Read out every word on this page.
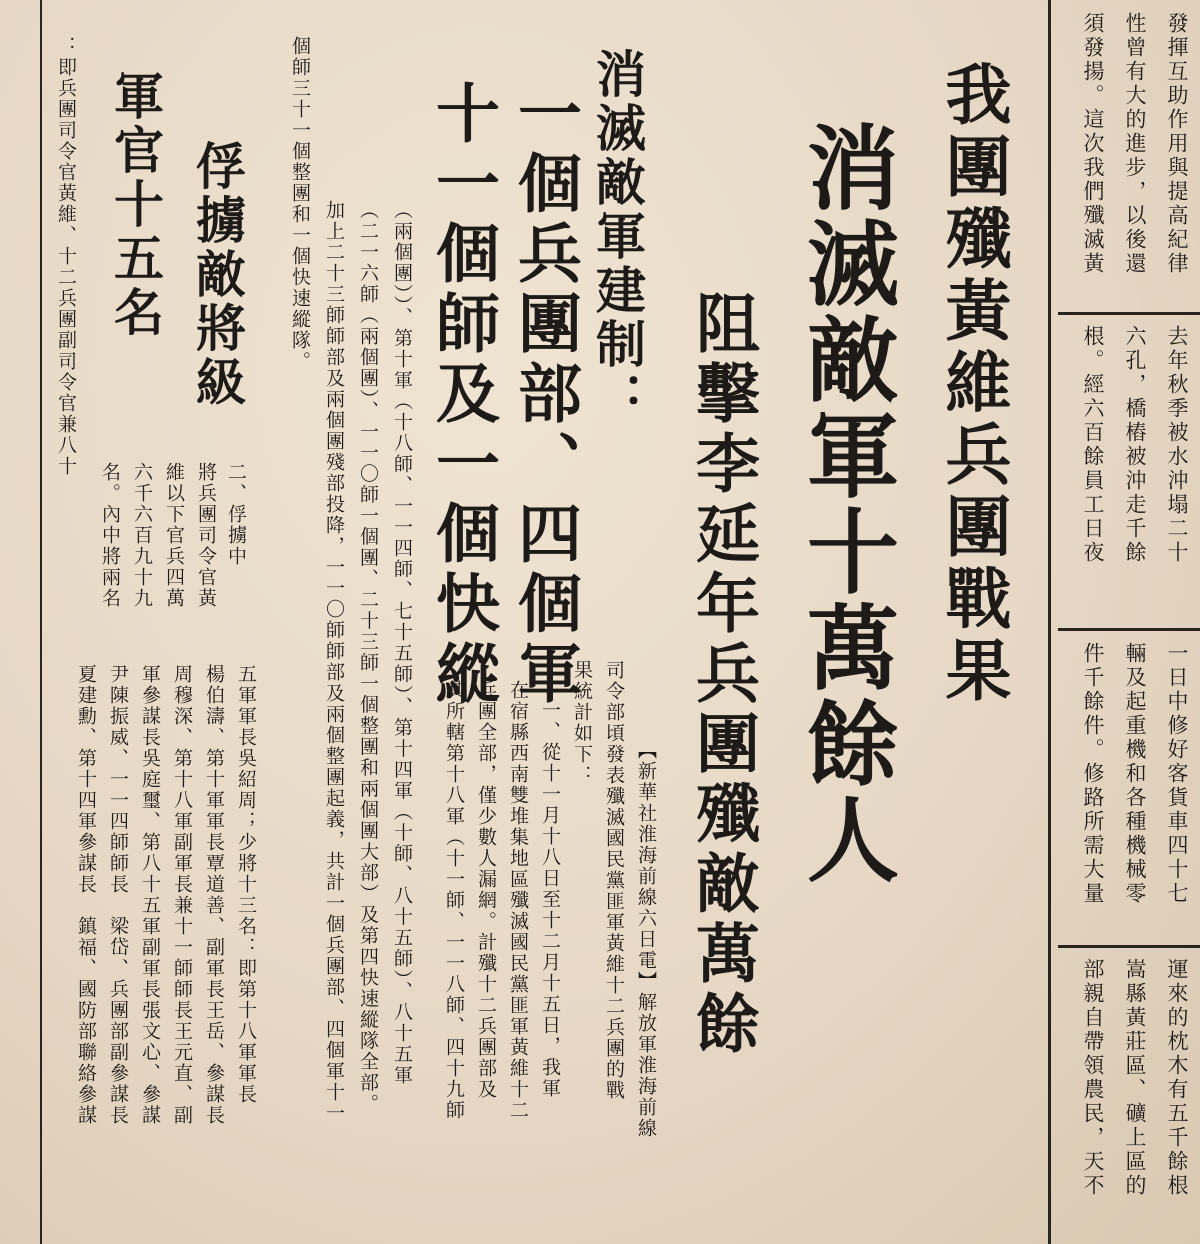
發揮互助作用與提高紀律
性曾有大的進步，以後還
須發揚。這次我們殲滅黃
去年秋季被水沖塌二十
六孔，橋樁被沖走千餘
根。經六百餘員工日夜
一日中修好客貨車四十七
輛及起重機和各種機械零
件千餘件。修路所需大量
運來的枕木有五千餘根
嵩縣黃莊區、礦上區的
部親自帶領農民，天不
我團殲黃維兵團戰果
消滅敵軍十萬餘人
阻擊李延年兵團殲敵萬餘
【新華社淮海前線六日電】解放軍淮海前線
司令部頃發表殲滅國民黨匪軍黃維十二兵團的戰
果統計如下：
一、從十一月十八日至十二月十五日，我軍
在宿縣西南雙堆集地區殲滅國民黨匪軍黃維十二
兵團全部，僅少數人漏網。計殲十二兵團部及
其所轄第十八軍（十一師、一一八師、四十九師
消滅敵軍建制：
一個兵團部、四個軍
十一個師及一個快縱
（兩個團））、第十軍（十八師、一一四師、七十五師）、第十四軍（十師、八十五師）、八十五軍
（二一六師（兩個團）、一一〇師一個團、二十三師一個整團和兩個團大部）及第四快速縱隊全部。
加上二十三師師部及兩個團殘部投降，一一〇師師部及兩個整團起義，共計一個兵團部、四個軍十一
個師三十一個整團和一個快速縱隊。
俘擄敵將級
軍官十五名
二、俘擄中
將兵團司令官黃
維以下官兵四萬
六千六百九十九
名。內中將兩名
五軍軍長吳紹周；少將十三名：即第十八軍軍長
楊伯濤、第十軍軍長覃道善、副軍長王岳、參謀長
周穆深、第十八軍副軍長兼十一師師長王元直、副
軍參謀長吳庭璽、第八十五軍副軍長張文心、參謀
尹陳振威、一一四師師長　梁岱、兵團部副參謀長
夏建勳、第十四軍參謀長　鎮福、國防部聯絡參謀
：即兵團司令官黃維、十二兵團副司令官兼八十
